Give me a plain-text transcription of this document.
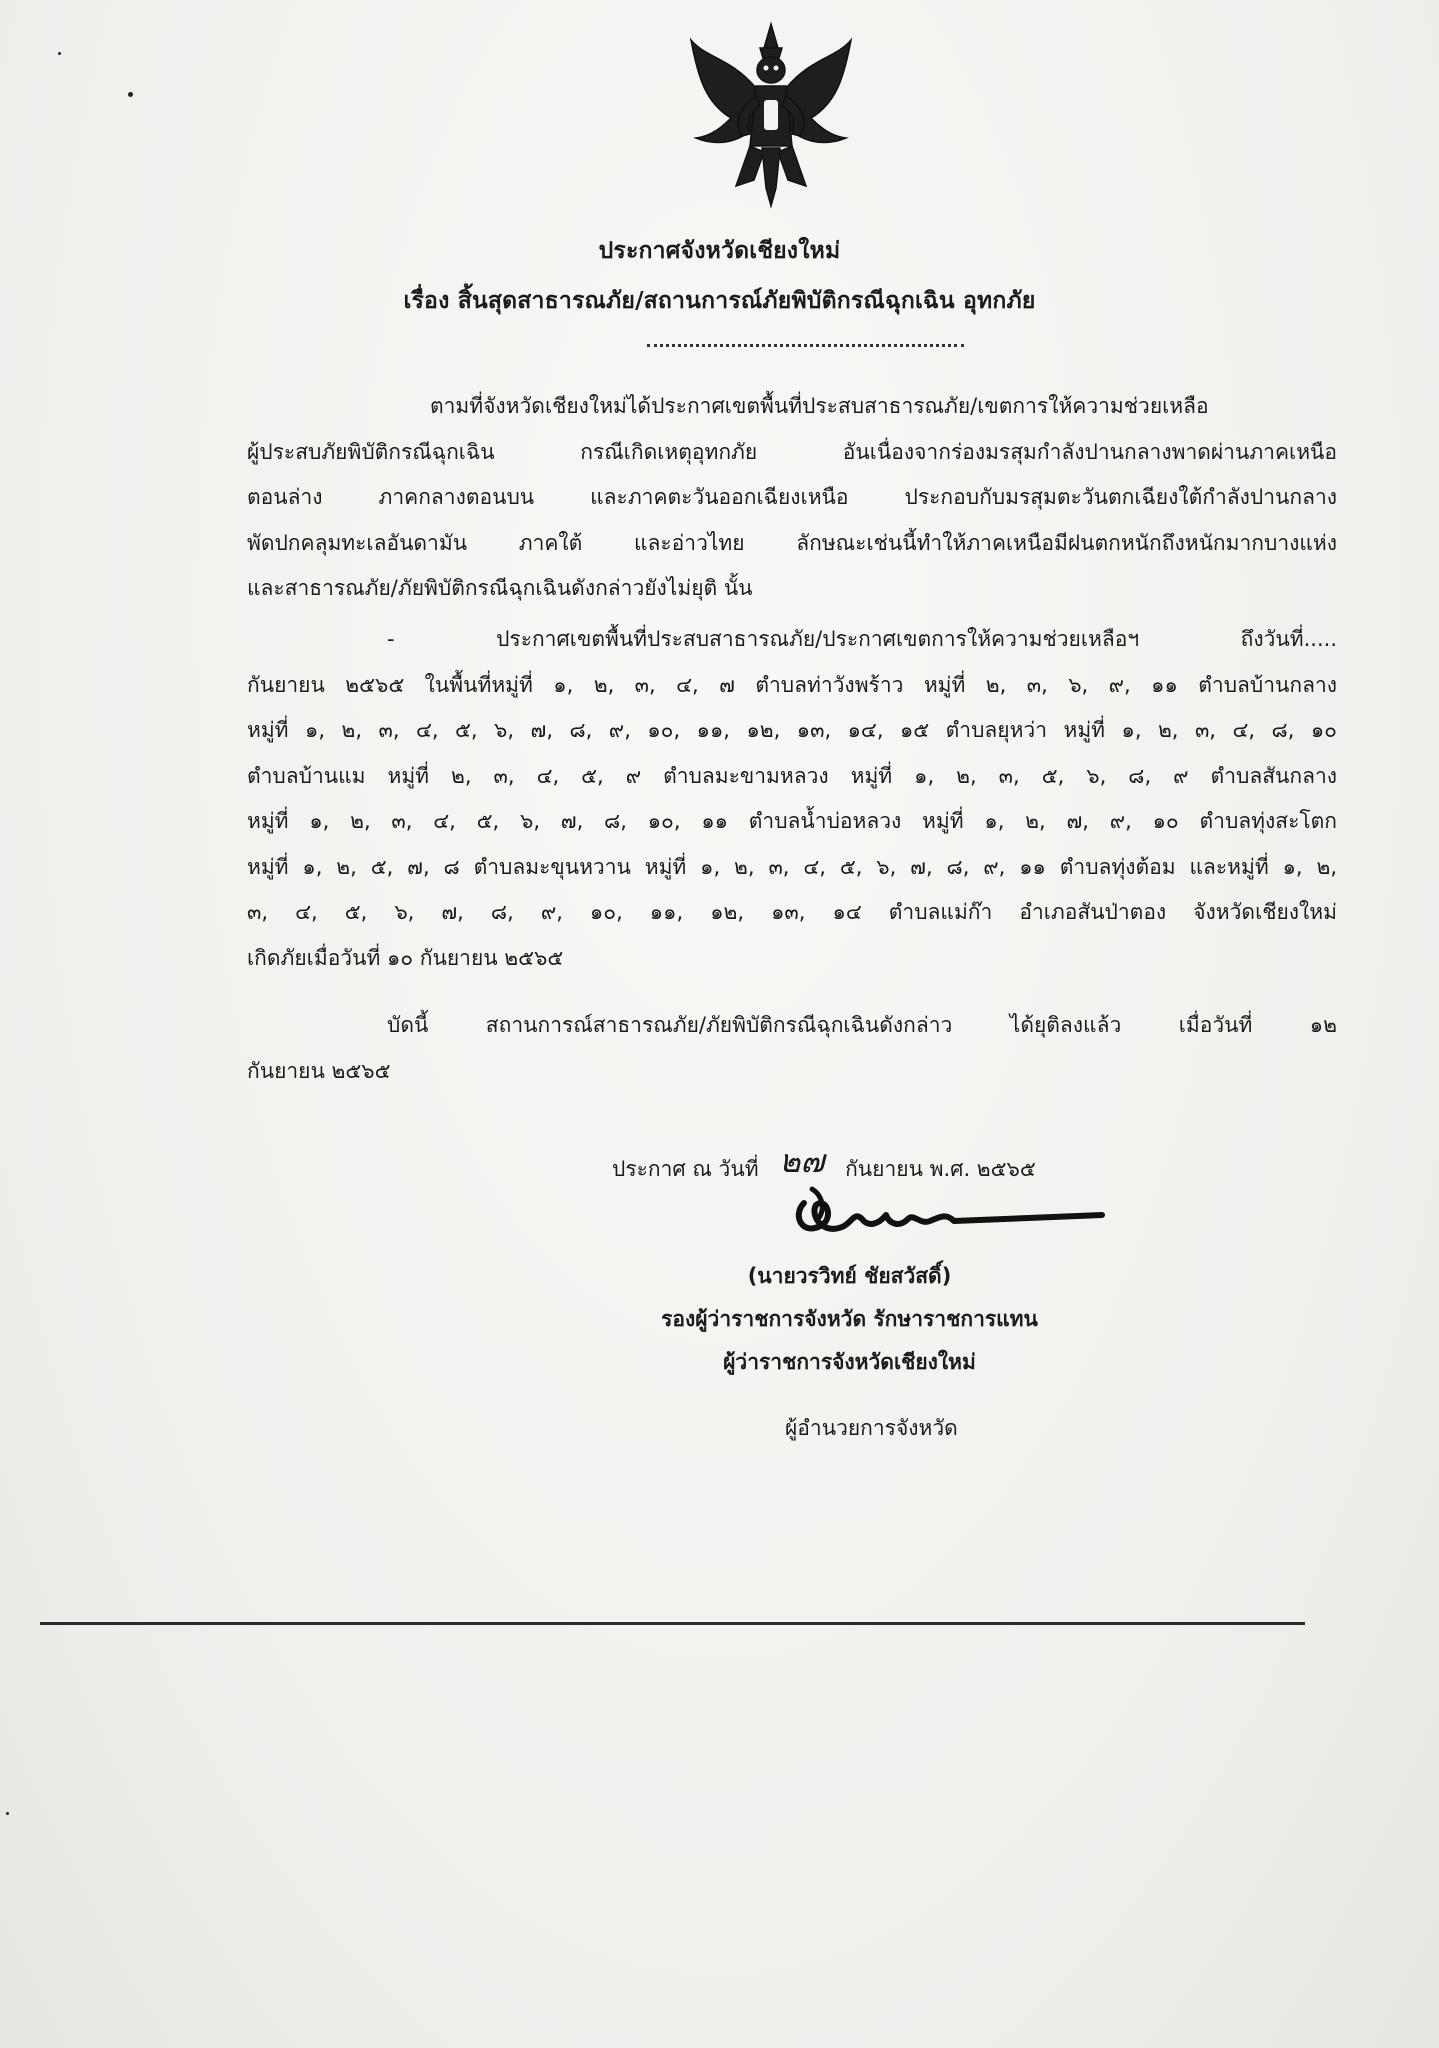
ประกาศจังหวัดเชียงใหม่
เรื่อง สิ้นสุดสาธารณภัย/สถานการณ์ภัยพิบัติกรณีฉุกเฉิน อุทกภัย
ตามที่จังหวัดเชียงใหม่ได้ประกาศเขตพื้นที่ประสบสาธารณภัย/เขตการให้ความช่วยเหลือ
ผู้ประสบภัยพิบัติกรณีฉุกเฉิน กรณีเกิดเหตุอุทกภัย อันเนื่องจากร่องมรสุมกำลังปานกลางพาดผ่านภาคเหนือ
ตอนล่าง ภาคกลางตอนบน และภาคตะวันออกเฉียงเหนือ ประกอบกับมรสุมตะวันตกเฉียงใต้กำลังปานกลาง
พัดปกคลุมทะเลอันดามัน ภาคใต้ และอ่าวไทย ลักษณะเช่นนี้ทำให้ภาคเหนือมีฝนตกหนักถึงหนักมากบางแห่ง
และสาธารณภัย/ภัยพิบัติกรณีฉุกเฉินดังกล่าวยังไม่ยุติ นั้น
- ประกาศเขตพื้นที่ประสบสาธารณภัย/ประกาศเขตการให้ความช่วยเหลือฯ ถึงวันที่.....
กันยายน ๒๕๖๕ ในพื้นที่หมู่ที่ ๑, ๒, ๓, ๔, ๗ ตำบลท่าวังพร้าว หมู่ที่ ๒, ๓, ๖, ๙, ๑๑ ตำบลบ้านกลาง
หมู่ที่ ๑, ๒, ๓, ๔, ๕, ๖, ๗, ๘, ๙, ๑๐, ๑๑, ๑๒, ๑๓, ๑๔, ๑๕ ตำบลยุหว่า หมู่ที่ ๑, ๒, ๓, ๔, ๘, ๑๐
ตำบลบ้านแม หมู่ที่ ๒, ๓, ๔, ๕, ๙ ตำบลมะขามหลวง หมู่ที่ ๑, ๒, ๓, ๕, ๖, ๘, ๙ ตำบลสันกลาง
หมู่ที่ ๑, ๒, ๓, ๔, ๕, ๖, ๗, ๘, ๑๐, ๑๑ ตำบลน้ำบ่อหลวง หมู่ที่ ๑, ๒, ๗, ๙, ๑๐ ตำบลทุ่งสะโตก
หมู่ที่ ๑, ๒, ๕, ๗, ๘ ตำบลมะขุนหวาน หมู่ที่ ๑, ๒, ๓, ๔, ๕, ๖, ๗, ๘, ๙, ๑๑ ตำบลทุ่งต้อม และหมู่ที่ ๑, ๒,
๓, ๔, ๕, ๖, ๗, ๘, ๙, ๑๐, ๑๑, ๑๒, ๑๓, ๑๔ ตำบลแม่ก๊า อำเภอสันป่าตอง จังหวัดเชียงใหม่
เกิดภัยเมื่อวันที่ ๑๐ กันยายน ๒๕๖๕
บัดนี้ สถานการณ์สาธารณภัย/ภัยพิบัติกรณีฉุกเฉินดังกล่าว ได้ยุติลงแล้ว เมื่อวันที่ ๑๒
กันยายน ๒๕๖๕
ประกาศ ณ วันที่ ๒๗ กันยายน พ.ศ. ๒๕๖๕
(นายวรวิทย์ ชัยสวัสดิ์)
รองผู้ว่าราชการจังหวัด รักษาราชการแทน
ผู้ว่าราชการจังหวัดเชียงใหม่
ผู้อำนวยการจังหวัด
